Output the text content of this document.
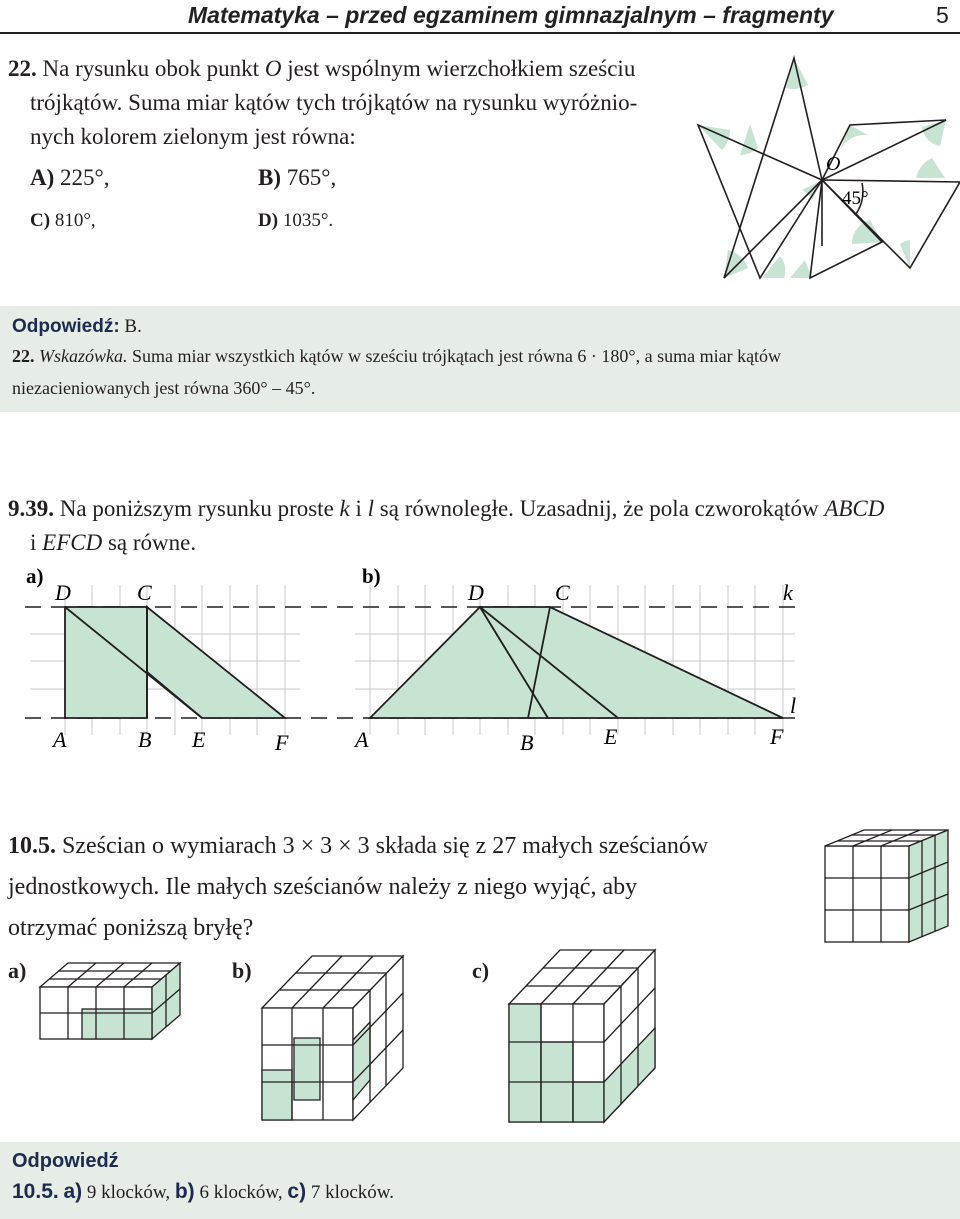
Matematyka – przed egzaminem gimnazjalnym – fragmenty	5
22. Na rysunku obok punkt O jest wspólnym wierzchołkiem sześciu
trójkątów. Suma miar kątów tych trójkątów na rysunku wyróżnio-
nych kolorem zielonym jest równa:
A) 225°,	B) 765°,
C) 810°,	D) 1035°.
O
45°
Odpowiedź: B.
22. Wskazówka. Suma miar wszystkich kątów w sześciu trójkątach jest równa 6 · 180°, a suma miar kątów
niezacieniowanych jest równa 360° – 45°.
9.39. Na poniższym rysunku proste k i l są równoległe. Uzasadnij, że pola czworokątów ABCD
i EFCD są równe.
a)
D	C
A	B E	F
b)
D	C	k
A	B	E	F
l
10.5. Sześcian o wymiarach 3 × 3 × 3 składa się z 27 małych sześcianów
jednostkowych. Ile małych sześcianów należy z niego wyjąć, aby
otrzymać poniższą bryłę?
a)	b)	c)
Odpowiedź
10.5. a) 9 klocków, b) 6 klocków, c) 7 klocków.
